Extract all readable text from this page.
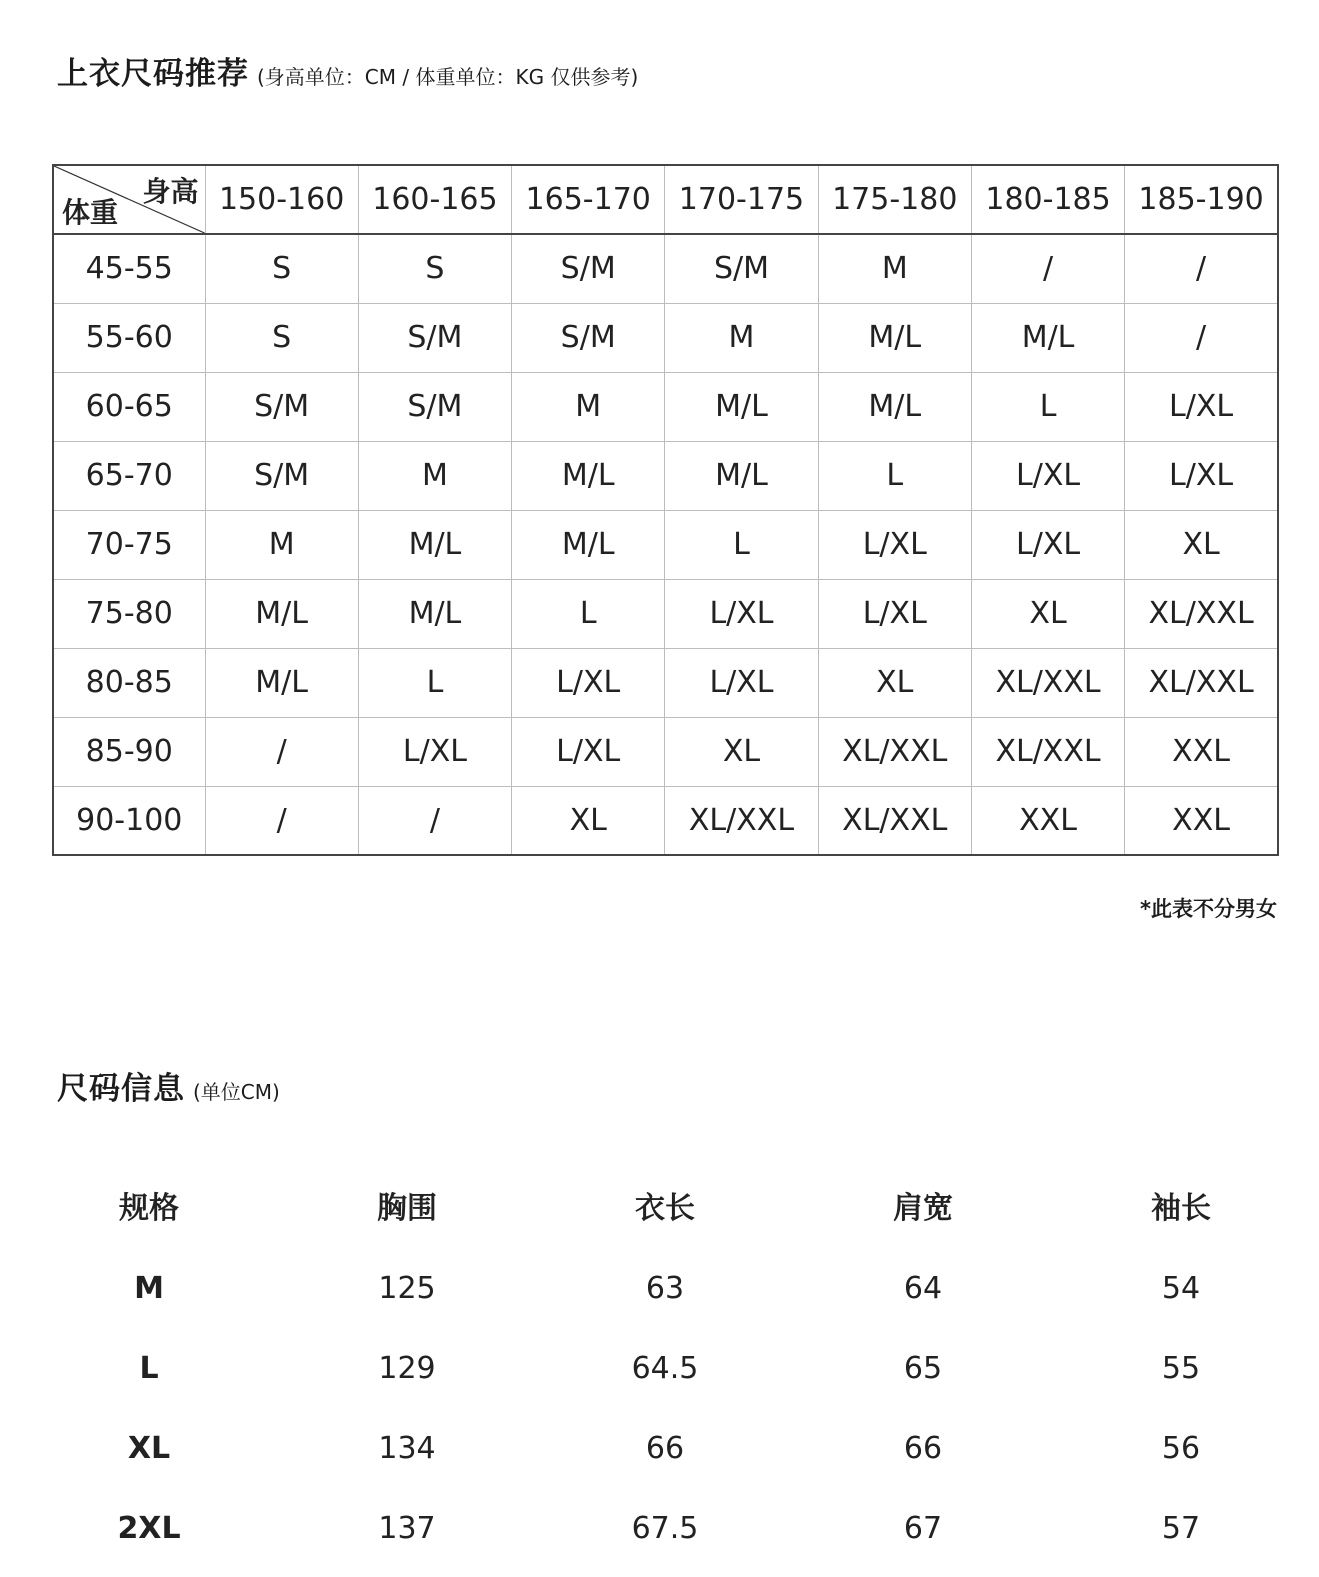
上衣尺码推荐 (身高单位：CM / 体重单位：KG 仅供参考)
身高
体重	150-160	160-165	165-170	170-175	175-180	180-185	185-190
45-55	S	S	S/M	S/M	M	/	/
55-60	S	S/M	S/M	M	M/L	M/L	/
60-65	S/M	S/M	M	M/L	M/L	L	L/XL
65-70	S/M	M	M/L	M/L	L	L/XL	L/XL
70-75	M	M/L	M/L	L	L/XL	L/XL	XL
75-80	M/L	M/L	L	L/XL	L/XL	XL	XL/XXL
80-85	M/L	L	L/XL	L/XL	XL	XL/XXL	XL/XXL
85-90	/	L/XL	L/XL	XL	XL/XXL	XL/XXL	XXL
90-100	/	/	XL	XL/XXL	XL/XXL	XXL	XXL
*此表不分男女
尺码信息 (单位CM)
规格	胸围	衣长	肩宽	袖长
M	125	63	64	54
L	129	64.5	65	55
XL	134	66	66	56
2XL	137	67.5	67	57
